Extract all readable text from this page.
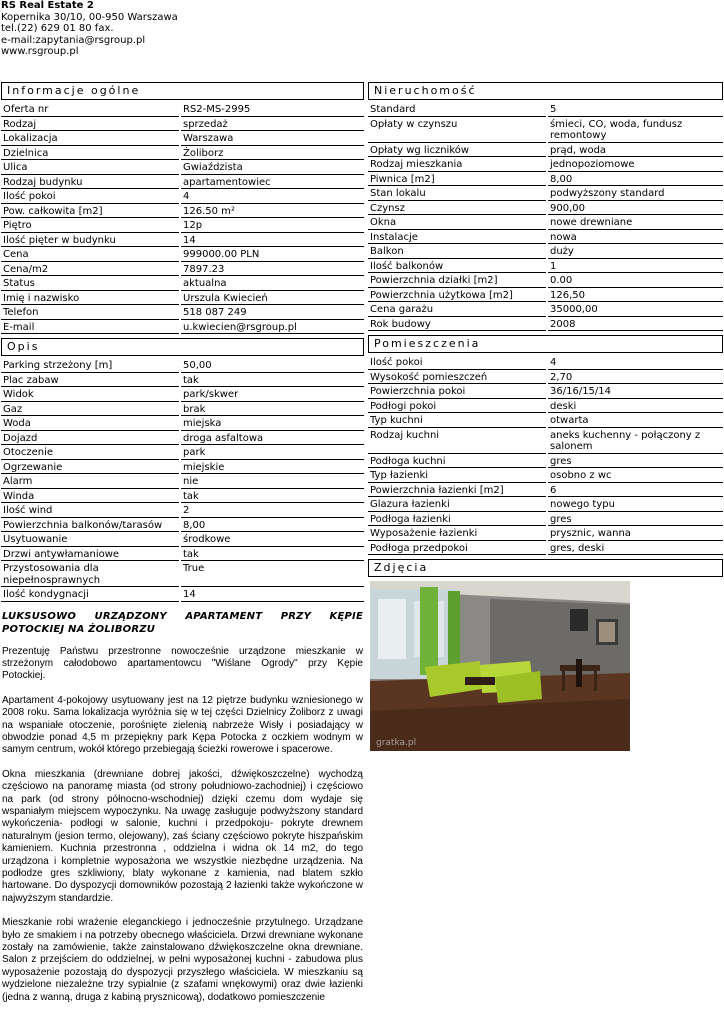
RS Real Estate 2
Kopernika 30/10, 00-950 Warszawa
tel.(22) 629 01 80 fax.
e-mail:zapytania@rsgroup.pl
www.rsgroup.pl
Informacje ogólne
Oferta nr		RS2-MS-2995
Rodzaj		sprzedaż
Lokalizacja		Warszawa
Dzielnica		Żoliborz
Ulica		Gwiaździsta
Rodzaj budynku		apartamentowiec
Ilość pokoi		4
Pow. całkowita [m2]		126.50 m²
Piętro		12p
Ilość pięter w budynku		14
Cena		999000.00 PLN
Cena/m2		7897.23
Status		aktualna
Imię i nazwisko		Urszula Kwiecień
Telefon		518 087 249
E-mail		u.kwiecien@rsgroup.pl
Opis
Parking strzeżony [m]		50,00
Plac zabaw		tak
Widok		park/skwer
Gaz		brak
Woda		miejska
Dojazd		droga asfaltowa
Otoczenie		park
Ogrzewanie		miejskie
Alarm		nie
Winda		tak
Ilość wind		2
Powierzchnia balkonów/tarasów		8,00
Usytuowanie		środkowe
Drzwi antywłamaniowe		tak
Przystosowania dla niepełnosprawnych		True
Ilość kondygnacji		14
LUKSUSOWO URZĄDZONY APARTAMENT PRZY KĘPIE POTOCKIEJ NA ŻOLIBORZU

Prezentuję Państwu przestronne nowocześnie urządzone mieszkanie w strzeżonym całodobowo apartamentowcu "Wiślane Ogrody" przy Kępie Potockiej.

Apartament 4-pokojowy usytuowany jest na 12 piętrze budynku wzniesionego w 2008 roku. Sama lokalizacja wyróżnia się w tej części Dzielnicy Żoliborz z uwagi na wspaniałe otoczenie, porośnięte zielenią nabrzeże Wisły i posiadający w obwodzie ponad 4,5 m przepiękny park Kępa Potocka z oczkiem wodnym w samym centrum, wokół którego przebiegają ścieżki rowerowe i spacerowe.

Okna mieszkania (drewniane dobrej jakości, dźwiękoszczelne) wychodzą częściowo na panoramę miasta (od strony południowo-zachodniej) i częściowo na park (od strony północno-wschodniej) dzięki czemu dom wydaje się wspaniałym miejscem wypoczynku. Na uwagę zasługuje podwyższony standard wykończenia- podłogi w salonie, kuchni i przedpokoju- pokryte drewnem naturalnym (jesion termo, olejowany), zaś ściany częściowo pokryte hiszpańskim kamieniem. Kuchnia przestronna , oddzielna i widna ok 14 m2, do tego urządzona i kompletnie wyposażona we wszystkie niezbędne urządzenia. Na podłodze gres szkliwiony, blaty wykonane z kamienia, nad blatem szkło hartowane. Do dyspozycji domowników pozostają 2 łazienki także wykończone w najwyższym standardzie.

Mieszkanie robi wrażenie eleganckiego i jednocześnie przytulnego. Urządzane było ze smakiem i na potrzeby obecnego właściciela. Drzwi drewniane wykonane zostały na zamówienie, także zainstalowano dźwiękoszczelne okna drewniane. Salon z przejściem do oddzielnej, w pełni wyposażonej kuchni - zabudowa plus wyposażenie pozostają do dyspozycji przyszłego właściciela. W mieszkaniu są wydzielone niezależne trzy sypialnie (z szafami wnękowymi) oraz dwie łazienki (jedna z wanną, druga z kabiną prysznicową), dodatkowo pomieszczenie

Nieruchomość
Standard		5
Opłaty w czynszu		śmieci, CO, woda, fundusz remontowy
Opłaty wg liczników		prąd, woda
Rodzaj mieszkania		jednopoziomowe
Piwnica [m2]		8,00
Stan lokalu		podwyższony standard
Czynsz		900,00
Okna		nowe drewniane
Instalacje		nowa
Balkon		duży
Ilość balkonów		1
Powierzchnia działki [m2]		0.00
Powierzchnia użytkowa [m2]		126,50
Cena garażu		35000,00
Rok budowy		2008
Pomieszczenia
Ilość pokoi		4
Wysokość pomieszczeń		2,70
Powierzchnia pokoi		36/16/15/14
Podłogi pokoi		deski
Typ kuchni		otwarta
Rodzaj kuchni		aneks kuchenny - połączony z salonem
Podłoga kuchni		gres
Typ łazienki		osobno z wc
Powierzchnia łazienki [m2]		6
Glazura łazienki		nowego typu
Podłoga łazienki		gres
Wyposażenie łazienki		prysznic, wanna
Podłoga przedpokoi		gres, deski
Zdjęcia
gratka.pl
